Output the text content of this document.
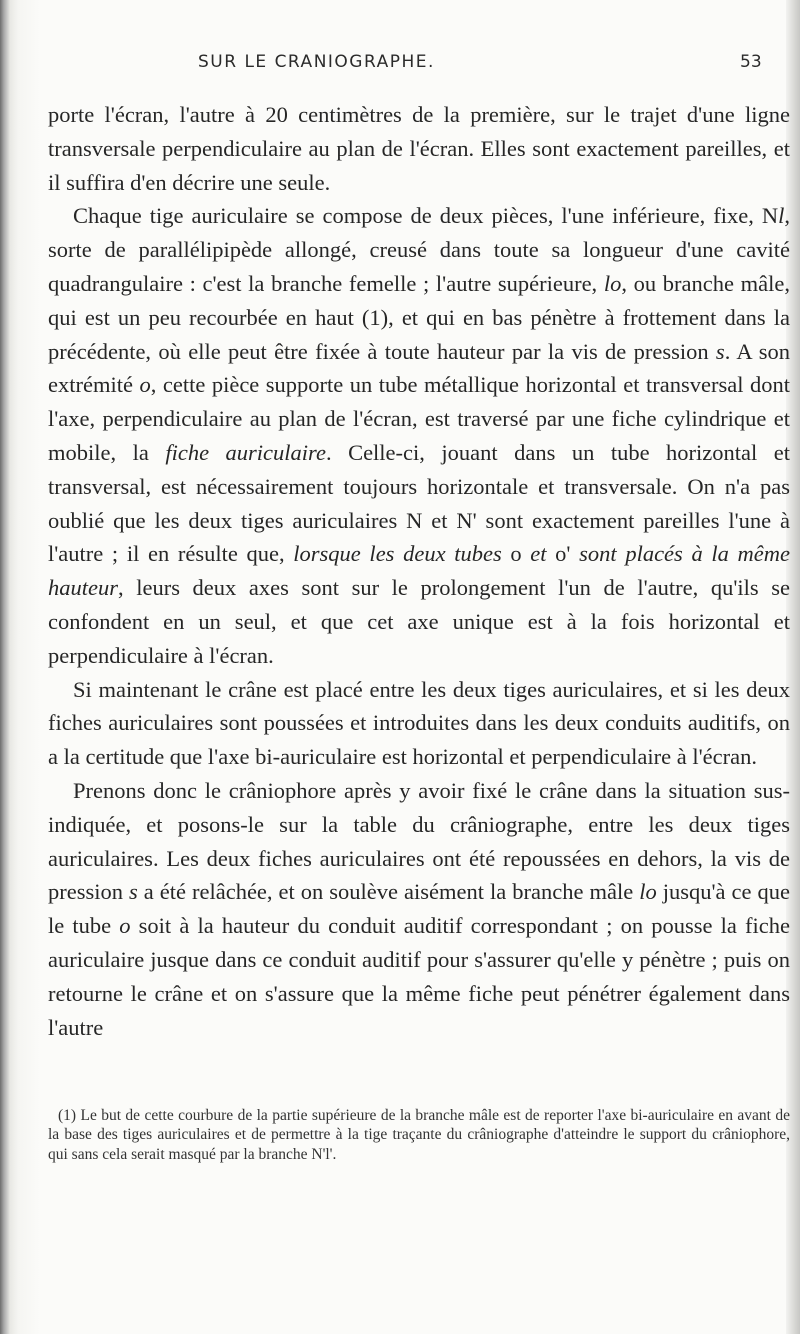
SUR LE CRANIOGRAPHE.	53

porte l'écran, l'autre à 20 centimètres de la première, sur le trajet d'une ligne transversale perpendiculaire au plan de l'écran. Elles sont exactement pareilles, et il suffira d'en décrire une seule.

Chaque tige auriculaire se compose de deux pièces, l'une inférieure, fixe, Nl, sorte de parallélipipède allongé, creusé dans toute sa longueur d'une cavité quadrangulaire : c'est la branche femelle ; l'autre supérieure, lo, ou branche mâle, qui est un peu recourbée en haut (1), et qui en bas pénètre à frottement dans la précédente, où elle peut être fixée à toute hauteur par la vis de pression s. A son extrémité o, cette pièce supporte un tube métallique horizontal et transversal dont l'axe, perpendiculaire au plan de l'écran, est traversé par une fiche cylindrique et mobile, la fiche auriculaire. Celle-ci, jouant dans un tube horizontal et transversal, est nécessairement toujours horizontale et transversale. On n'a pas oublié que les deux tiges auriculaires N et N' sont exactement pareilles l'une à l'autre ; il en résulte que, lorsque les deux tubes o et o' sont placés à la même hauteur, leurs deux axes sont sur le prolongement l'un de l'autre, qu'ils se confondent en un seul, et que cet axe unique est à la fois horizontal et perpendiculaire à l'écran.

Si maintenant le crâne est placé entre les deux tiges auriculaires, et si les deux fiches auriculaires sont poussées et introduites dans les deux conduits auditifs, on a la certitude que l'axe bi-auriculaire est horizontal et perpendiculaire à l'écran.

Prenons donc le crâniophore après y avoir fixé le crâne dans la situation sus-indiquée, et posons-le sur la table du crâniographe, entre les deux tiges auriculaires. Les deux fiches auriculaires ont été repoussées en dehors, la vis de pression s a été relâchée, et on soulève aisément la branche mâle lo jusqu'à ce que le tube o soit à la hauteur du conduit auditif correspondant ; on pousse la fiche auriculaire jusque dans ce conduit auditif pour s'assurer qu'elle y pénètre ; puis on retourne le crâne et on s'assure que la même fiche peut pénétrer également dans l'autre

(1) Le but de cette courbure de la partie supérieure de la branche mâle est de reporter l'axe bi-auriculaire en avant de la base des tiges auriculaires et de permettre à la tige traçante du crâniographe d'atteindre le support du crâniophore, qui sans cela serait masqué par la branche N'l'.
